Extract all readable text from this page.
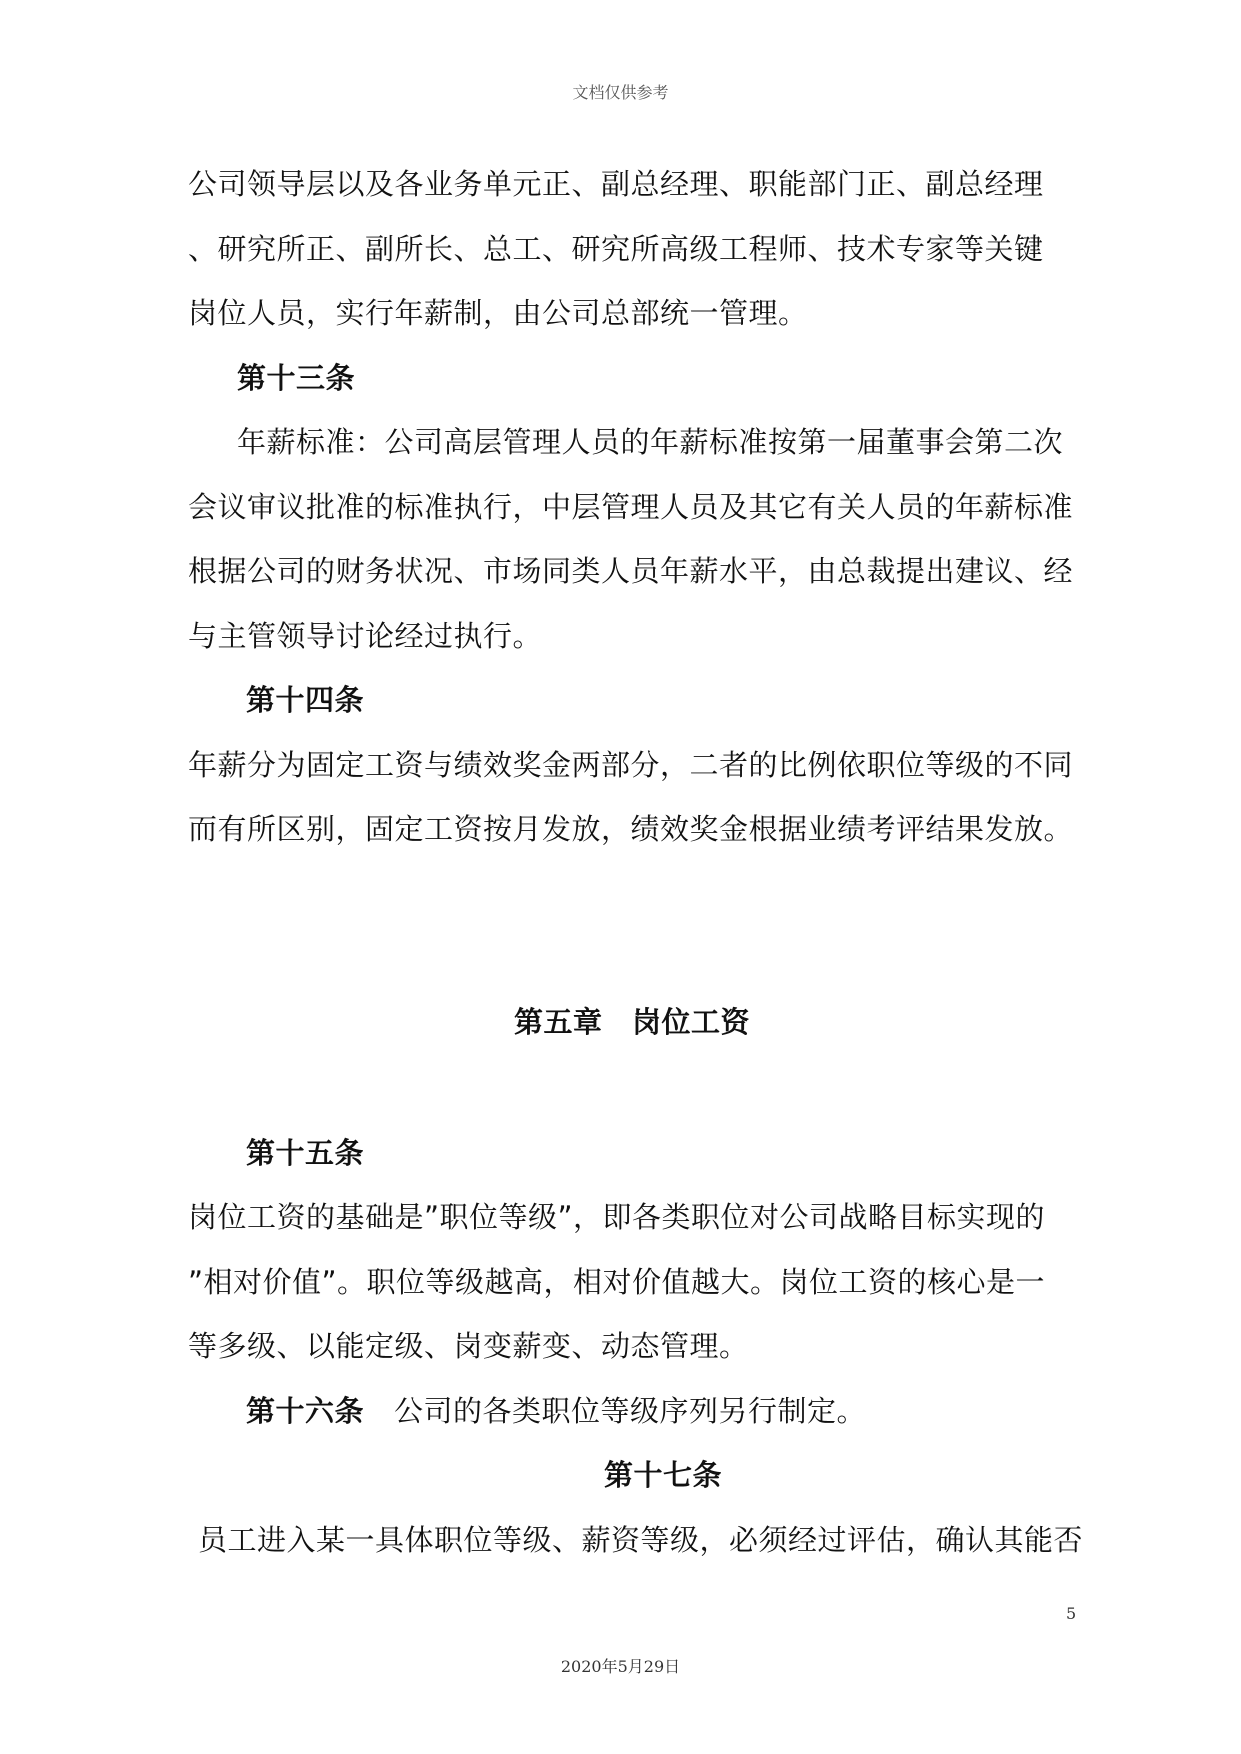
文档仅供参考
公司领导层以及各业务单元正、副总经理、职能部门正、副总经理
、研究所正、副所长、总工、研究所高级工程师、技术专家等关键
岗位人员，实行年薪制，由公司总部统一管理。
第十三条
年薪标准：公司高层管理人员的年薪标准按第一届董事会第二次
会议审议批准的标准执行，中层管理人员及其它有关人员的年薪标准
根据公司的财务状况、市场同类人员年薪水平，由总裁提出建议、经
与主管领导讨论经过执行。
第十四条
年薪分为固定工资与绩效奖金两部分，二者的比例依职位等级的不同
而有所区别，固定工资按月发放，绩效奖金根据业绩考评结果发放。
第五章　岗位工资
第十五条
岗位工资的基础是”职位等级”，即各类职位对公司战略目标实现的
”相对价值”。职位等级越高，相对价值越大。岗位工资的核心是一
等多级、以能定级、岗变薪变、动态管理。
第十六条 公司的各类职位等级序列另行制定。
第十七条
员工进入某一具体职位等级、薪资等级，必须经过评估，确认其能否
5
2020年5月29日
